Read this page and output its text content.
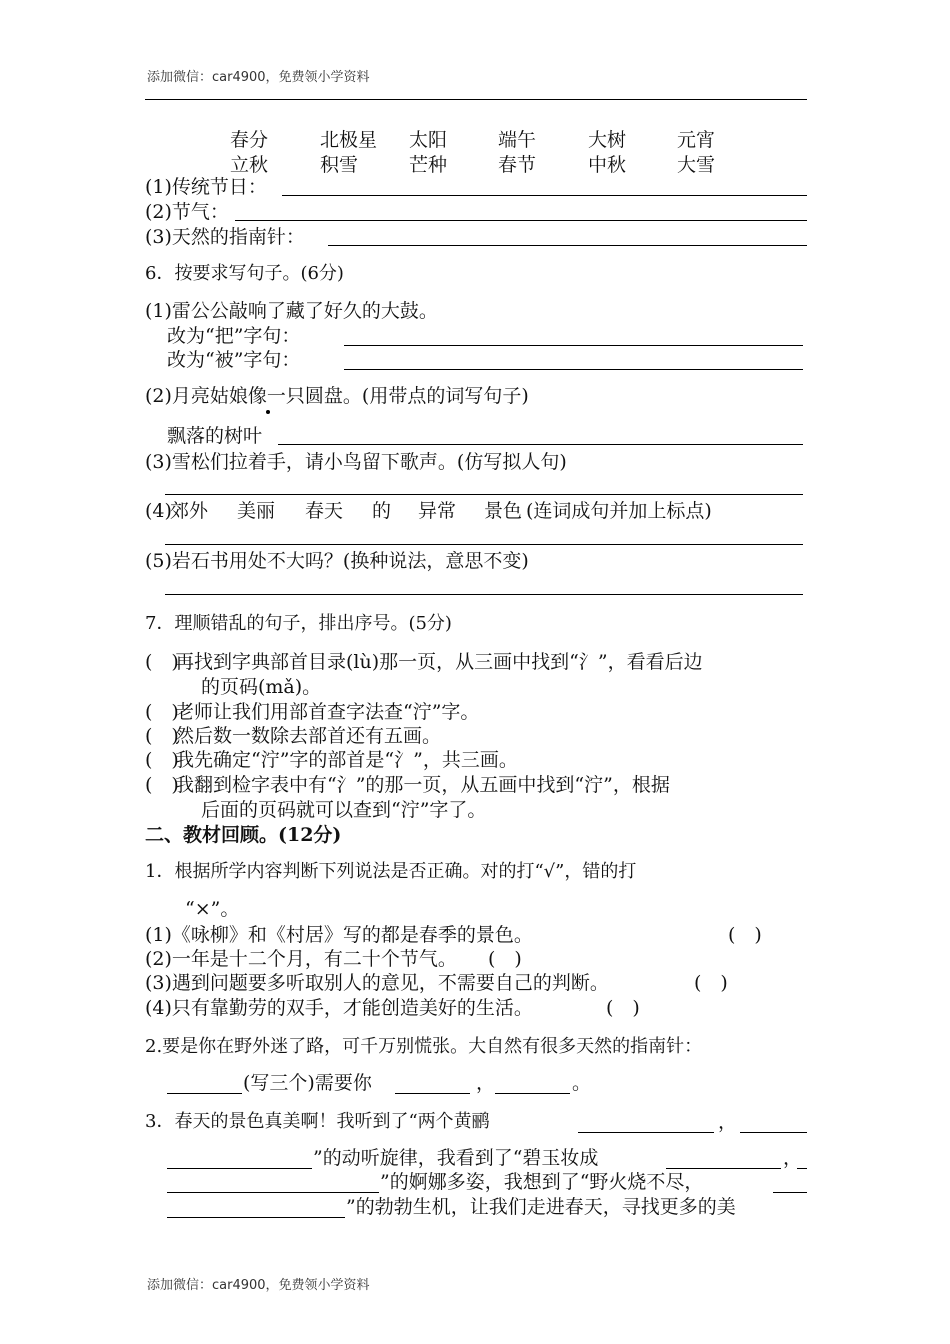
添加微信：car4900，免费领小学资料
春分	北极星 太阳	端午	大树	元宵
立秋	积雪	芒种	春节	中秋	大雪
(1)传统节日：
(2)节气：
(3)天然的指南针：
6．按要求写句子。(6分)
(1)雷公公敲响了藏了好久的大鼓。
改为“把”字句：
改为“被”字句：
(2)月亮姑娘像一只圆盘。(用带点的词写句子)
飘落的树叶
(3)雪松们拉着手，请小鸟留下歌声。(仿写拟人句)
(4)
郊外 美丽 春天 的 异常 景色 (连词成句并加上标点)
(5)岩石书用处不大吗？(换种说法，意思不变)
7．理顺错乱的句子，排出序号。(5分)
(　)
再找到字典部首目录(lù)那一页，从三画中找到“氵”，看看后边
的页码(mǎ)。
(　)
老师让我们用部首查字法查“泞”字。
(　)
然后数一数除去部首还有五画。
(　)
我先确定“泞”字的部首是“氵”，共三画。
(　)
我翻到检字表中有“氵”的那一页，从五画中找到“泞”，根据
后面的页码就可以查到“泞”字了。
二、教材回顾。(12分)
1．根据所学内容判断下列说法是否正确。对的打“√”，错的打
“×”。
(1)《咏柳》和《村居》写的都是春季的景色。	(　)
(2)一年是十二个月，有二十个节气。 (　)
(3)遇到问题要多听取别人的意见，不需要自己的判断。	(　)
(4)只有靠勤劳的双手，才能创造美好的生活。	(　)
2.要是你在野外迷了路，可千万别慌张。大自然有很多天然的指南针：
(写三个)需要你	，	。
3．春天的景色真美啊！我听到了“两个黄鹂	，
”的动听旋律，我看到了“碧玉妆成	，
”的婀娜多姿，我想到了“野火烧不尽，
”的勃勃生机，让我们走进春天，寻找更多的美
添加微信：car4900，免费领小学资料
